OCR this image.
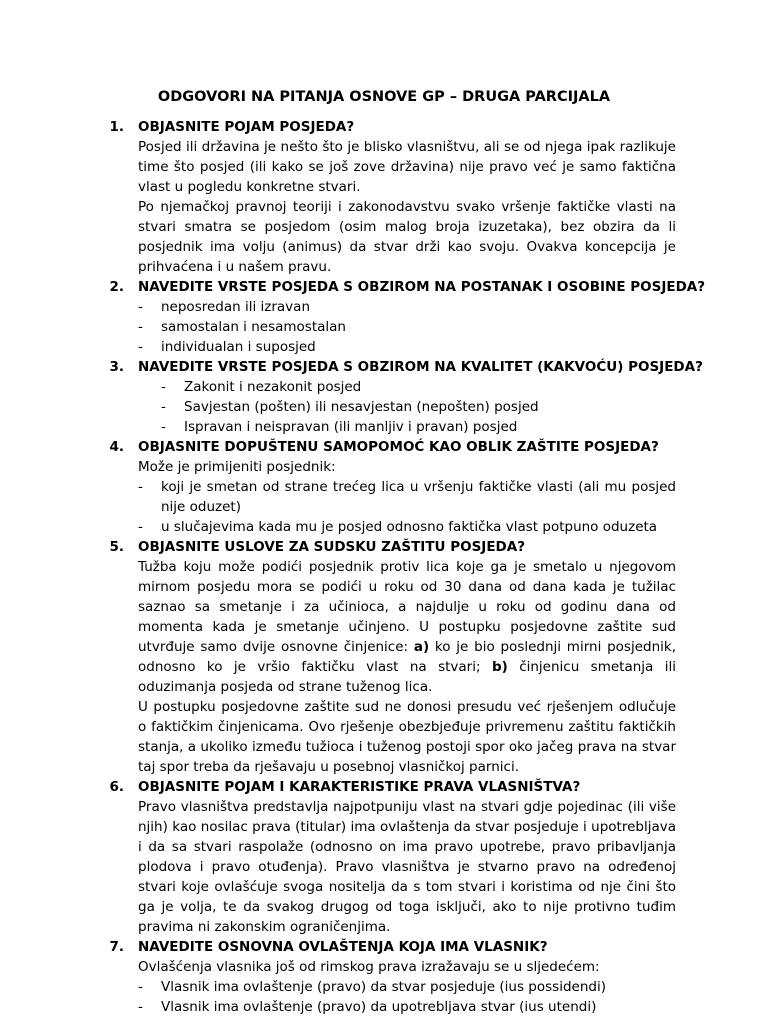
ODGOVORI NA PITANJA OSNOVE GP – DRUGA PARCIJALA
1.	OBJASNITE POJAM POSJEDA?

Posjed ili državina je nešto što je blisko vlasništvu, ali se od njega ipak razlikuje time što posjed (ili kako se još zove državina) nije pravo već je samo faktična vlast u pogledu konkretne stvari.

Po njemačkoj pravnoj teoriji i zakonodavstvu svako vršenje faktičke vlasti na stvari smatra se posjedom (osim malog broja izuzetaka), bez obzira da li posjednik ima volju (animus) da stvar drži kao svoju. Ovakva koncepcija je prihvaćena i u našem pravu.

2.	NAVEDITE VRSTE POSJEDA S OBZIROM NA POSTANAK I OSOBINE POSJEDA?
-	neposredan ili izravan
-	samostalan i nesamostalan
-	individualan i suposjed
3.	NAVEDITE VRSTE POSJEDA S OBZIROM NA KVALITET (KAKVOĆU) POSJEDA?
-	Zakonit i nezakonit posjed
-	Savjestan (pošten) ili nesavjestan (nepošten) posjed
-	Ispravan i neispravan (ili manljiv i pravan) posjed
4.	OBJASNITE DOPUŠTENU SAMOPOMOĆ KAO OBLIK ZAŠTITE POSJEDA?

Može je primijeniti posjednik:

-	koji je smetan od strane trećeg lica u vršenju faktičke vlasti (ali mu posjed nije oduzet)
-	u slučajevima kada mu je posjed odnosno faktička vlast potpuno oduzeta
5.	OBJASNITE USLOVE ZA SUDSKU ZAŠTITU POSJEDA?

Tužba koju može podići posjednik protiv lica koje ga je smetalo u njegovom mirnom posjedu mora se podići u roku od 30 dana od dana kada je tužilac saznao sa smetanje i za učinioca, a najdulje u roku od godinu dana od momenta kada je smetanje učinjeno. U postupku posjedovne zaštite sud utvrđuje samo dvije osnovne činjenice: a) ko je bio poslednji mirni posjednik, odnosno ko je vršio faktičku vlast na stvari; b) činjenicu smetanja ili oduzimanja posjeda od strane tuženog lica.

U postupku posjedovne zaštite sud ne donosi presudu već rješenjem odlučuje o faktičkim činjenicama. Ovo rješenje obezbjeđuje privremenu zaštitu faktičkih stanja, a ukoliko između tužioca i tuženog postoji spor oko jačeg prava na stvar taj spor treba da rješavaju u posebnoj vlasničkoj parnici.

6.	OBJASNITE POJAM I KARAKTERISTIKE PRAVA VLASNIŠTVA?

Pravo vlasništva predstavlja najpotpuniju vlast na stvari gdje pojedinac (ili više njih) kao nosilac prava (titular) ima ovlaštenja da stvar posjeduje i upotrebljava i da sa stvari raspolaže (odnosno on ima pravo upotrebe, pravo pribavljanja plodova i pravo otuđenja). Pravo vlasništva je stvarno pravo na određenoj stvari koje ovlašćuje svoga nositelja da s tom stvari i koristima od nje čini što ga je volja, te da svakog drugog od toga isključi, ako to nije protivno tuđim pravima ni zakonskim ograničenjima.

7.	NAVEDITE OSNOVNA OVLAŠTENJA KOJA IMA VLASNIK?

Ovlašćenja vlasnika još od rimskog prava izražavaju se u sljedećem:

-	Vlasnik ima ovlaštenje (pravo) da stvar posjeduje (ius possidendi)
-	Vlasnik ima ovlaštenje (pravo) da upotrebljava stvar (ius utendi)
